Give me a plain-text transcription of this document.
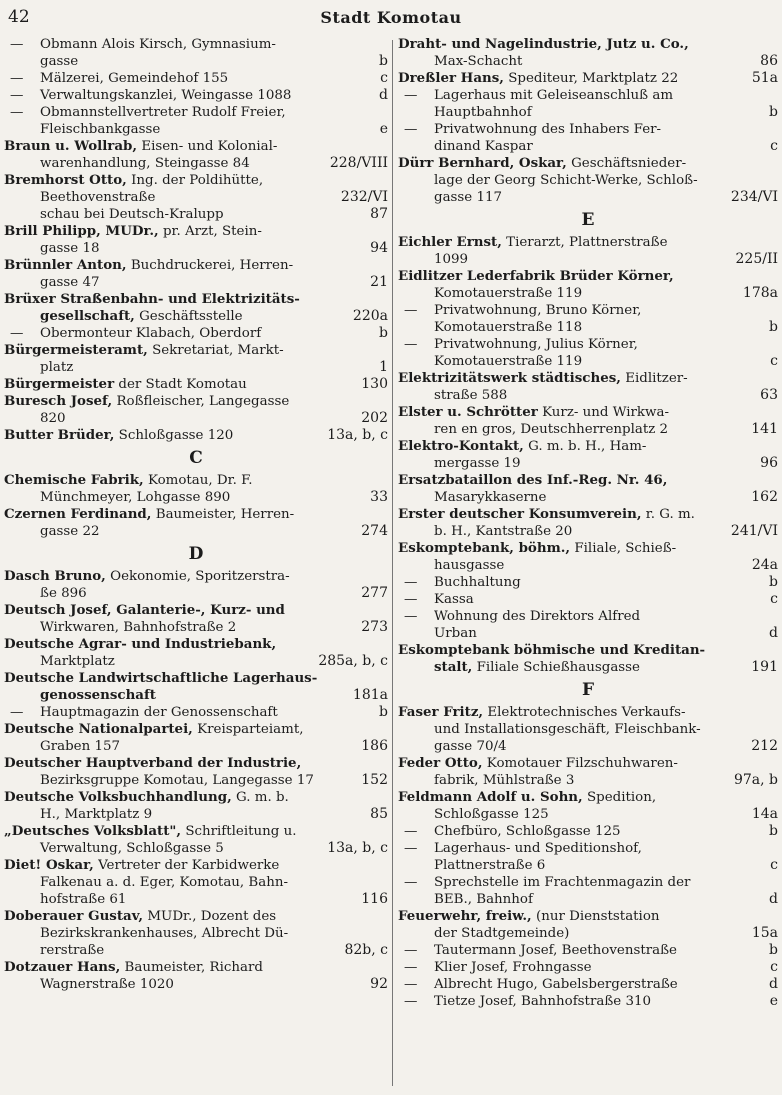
42	Stadt Komotau
— Obmann Alois Kirsch, Gymnasium-
gasse	b
— Mälzerei, Gemeindehof 155	c
— Verwaltungskanzlei, Weingasse 1088	d
— Obmannstellvertreter Rudolf Freier,
Fleischbankgasse	e
Braun u. Wollrab, Eisen- und Kolonial-
warenhandlung, Steingasse 84	228/VIII
Bremhorst Otto, Ing. der Poldihütte,
Beethovenstraße	232/VI
schau bei Deutsch-Kralupp	87
Brill Philipp, MUDr., pr. Arzt, Stein-
gasse 18	94
Brünnler Anton, Buchdruckerei, Herren-
gasse 47	21
Brüxer Straßenbahn- und Elektrizitäts-
gesellschaft, Geschäftsstelle	220a
— Obermonteur Klabach, Oberdorf	b
Bürgermeisteramt, Sekretariat, Markt-
platz	1
Bürgermeister der Stadt Komotau	130
Buresch Josef, Roßfleischer, Langegasse
820	202
Butter Brüder, Schloßgasse 120	13a, b, c
C
Chemische Fabrik, Komotau, Dr. F.
Münchmeyer, Lohgasse 890	33
Czernen Ferdinand, Baumeister, Herren-
gasse 22	274
D
Dasch Bruno, Oekonomie, Sporitzerstra-
ße 896	277
Deutsch Josef, Galanterie-, Kurz- und
Wirkwaren, Bahnhofstraße 2	273
Deutsche Agrar- und Industriebank,
Marktplatz	285a, b, c
Deutsche Landwirtschaftliche Lagerhaus-
genossenschaft	181a
— Hauptmagazin der Genossenschaft	b
Deutsche Nationalpartei, Kreisparteiamt,
Graben 157	186
Deutscher Hauptverband der Industrie,
Bezirksgruppe Komotau, Langegasse 17	152
Deutsche Volksbuchhandlung, G. m. b.
H., Marktplatz 9	85
„Deutsches Volksblatt", Schriftleitung u.
Verwaltung, Schloßgasse 5	13a, b, c
Diet! Oskar, Vertreter der Karbidwerke
Falkenau a. d. Eger, Komotau, Bahn-
hofstraße 61	116
Doberauer Gustav, MUDr., Dozent des
Bezirkskrankenhauses, Albrecht Dü-
rerstraße	82b, c
Dotzauer Hans, Baumeister, Richard
Wagnerstraße 1020	92
Draht- und Nagelindustrie, Jutz u. Co.,
Max-Schacht	86
Dreßler Hans, Spediteur, Marktplatz 22	51a
— Lagerhaus mit Geleiseanschluß am
Hauptbahnhof	b
— Privatwohnung des Inhabers Fer-
dinand Kaspar	c
Dürr Bernhard, Oskar, Geschäftsnieder-
lage der Georg Schicht-Werke, Schloß-
gasse 117	234/VI
E
Eichler Ernst, Tierarzt, Plattnerstraße
1099	225/II
Eidlitzer Lederfabrik Brüder Körner,
Komotauerstraße 119	178a
— Privatwohnung, Bruno Körner,
Komotauerstraße 118	b
— Privatwohnung, Julius Körner,
Komotauerstraße 119	c
Elektrizitätswerk städtisches, Eidlitzer-
straße 588	63
Elster u. Schrötter Kurz- und Wirkwa-
ren en gros, Deutschherrenplatz 2	141
Elektro-Kontakt, G. m. b. H., Ham-
mergasse 19	96
Ersatzbataillon des Inf.-Reg. Nr. 46,
Masarykkaserne	162
Erster deutscher Konsumverein, r. G. m.
b. H., Kantstraße 20	241/VI
Eskomptebank, böhm., Filiale, Schieß-
hausgasse	24a
— Buchhaltung	b
— Kassa	c
— Wohnung des Direktors Alfred
Urban	d
Eskomptebank böhmische und Kreditan-
stalt, Filiale Schießhausgasse	191
F
Faser Fritz, Elektrotechnisches Verkaufs-
und Installationsgeschäft, Fleischbank-
gasse 70/4	212
Feder Otto, Komotauer Filzschuhwaren-
fabrik, Mühlstraße 3	97a, b
Feldmann Adolf u. Sohn, Spedition,
Schloßgasse 125	14a
— Chefbüro, Schloßgasse 125	b
— Lagerhaus- und Speditionshof,
Plattnerstraße 6	c
— Sprechstelle im Frachtenmagazin der
BEB., Bahnhof	d
Feuerwehr, freiw., (nur Dienststation
der Stadtgemeinde)	15a
— Tautermann Josef, Beethovenstraße	b
— Klier Josef, Frohngasse	c
— Albrecht Hugo, Gabelsbergerstraße	d
— Tietze Josef, Bahnhofstraße 310	e
